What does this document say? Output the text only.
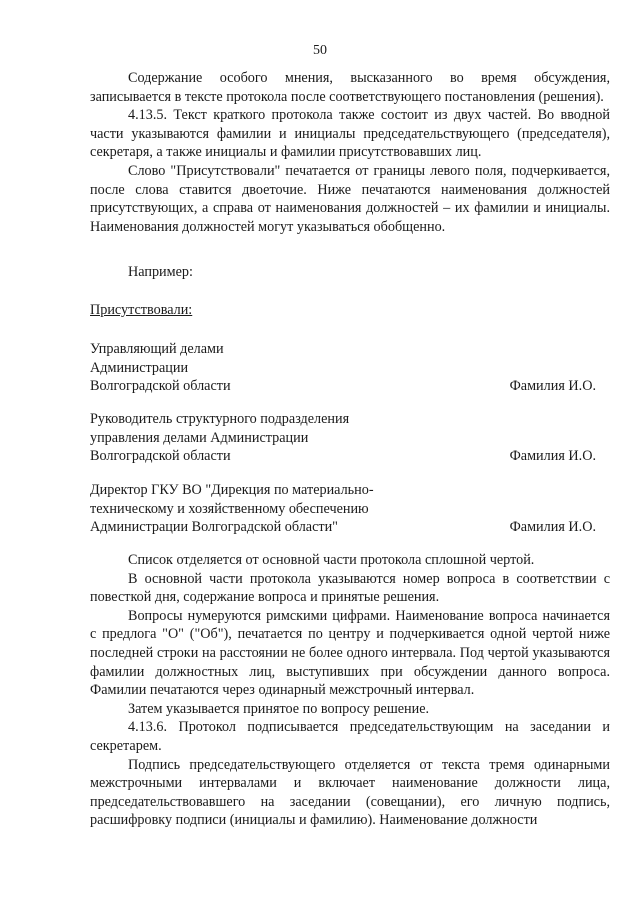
50

Содержание особого мнения, высказанного во время обсуждения, записывается в тексте протокола после соответствующего постановления (решения).

4.13.5. Текст краткого протокола также состоит из двух частей. Во вводной части указываются фамилии и инициалы председательствующего (председателя), секретаря, а также инициалы и фамилии присутствовавших лиц.

Слово "Присутствовали" печатается от границы левого поля, подчеркивается, после слова ставится двоеточие. Ниже печатаются наименования должностей присутствующих, а справа от наименования должностей – их фамилии и инициалы. Наименования должностей могут указываться обобщенно.

Например:
Присутствовали:
Управляющий делами
Администрации
Волгоградской области	Фамилия И.О.
Руководитель структурного подразделения
управления делами Администрации
Волгоградской области	Фамилия И.О.
Директор ГКУ ВО "Дирекция по материально-
техническому и хозяйственному обеспечению
Администрации Волгоградской области"	Фамилия И.О.

Список отделяется от основной части протокола сплошной чертой.

В основной части протокола указываются номер вопроса в соответствии с повесткой дня, содержание вопроса и принятые решения.

Вопросы нумеруются римскими цифрами. Наименование вопроса начинается с предлога "О" ("Об"), печатается по центру и подчеркивается одной чертой ниже последней строки на расстоянии не более одного интервала. Под чертой указываются фамилии должностных лиц, выступивших при обсуждении данного вопроса. Фамилии печатаются через одинарный межстрочный интервал.

Затем указывается принятое по вопросу решение.

4.13.6. Протокол подписывается председательствующим на заседании и секретарем.

Подпись председательствующего отделяется от текста тремя одинарными межстрочными интервалами и включает наименование должности лица, председательствовавшего на заседании (совещании), его личную подпись, расшифровку подписи (инициалы и фамилию). Наименование должности
